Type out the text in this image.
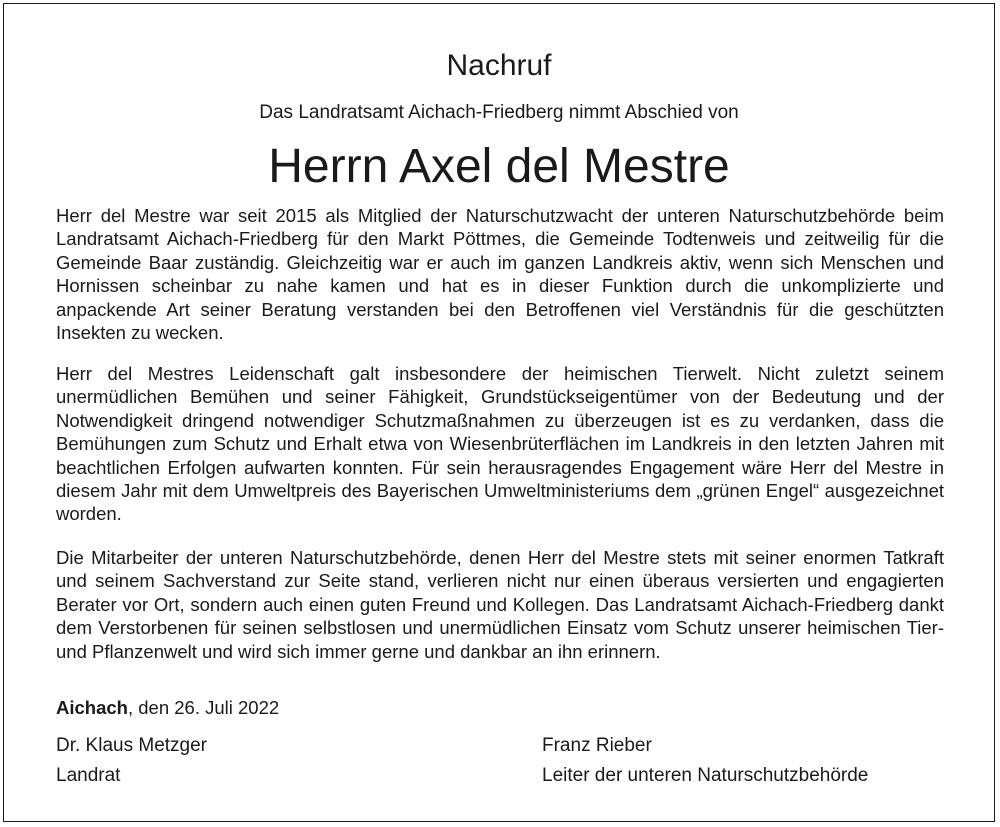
Nachruf
Das Landratsamt Aichach-Friedberg nimmt Abschied von
Herrn Axel del Mestre

Herr del Mestre war seit 2015 als Mitglied der Naturschutzwacht der unteren Naturschutzbehörde beim Landratsamt Aichach-Friedberg für den Markt Pöttmes, die Gemeinde Todtenweis und zeitweilig für die Gemeinde Baar zuständig. Gleichzeitig war er auch im ganzen Landkreis aktiv, wenn sich Menschen und Hornissen scheinbar zu nahe kamen und hat es in dieser Funktion durch die unkomplizierte und anpackende Art seiner Beratung verstanden bei den Betroffenen viel Verständnis für die geschützten Insekten zu wecken.

Herr del Mestres Leidenschaft galt insbesondere der heimischen Tierwelt. Nicht zuletzt seinem unermüdlichen Bemühen und seiner Fähigkeit, Grundstückseigentümer von der Bedeutung und der Notwendigkeit dringend notwendiger Schutzmaßnahmen zu überzeugen ist es zu verdanken, dass die Bemühungen zum Schutz und Erhalt etwa von Wiesenbrüterflächen im Landkreis in den letzten Jahren mit beachtlichen Erfolgen aufwarten konnten. Für sein herausragendes Engagement wäre Herr del Mestre in diesem Jahr mit dem Umweltpreis des Bayerischen Umweltministeriums dem „grünen Engel“ ausgezeichnet worden.

Die Mitarbeiter der unteren Naturschutzbehörde, denen Herr del Mestre stets mit seiner enormen Tatkraft und seinem Sachverstand zur Seite stand, verlieren nicht nur einen überaus versierten und engagierten Berater vor Ort, sondern auch einen guten Freund und Kollegen. Das Landratsamt Aichach-Friedberg dankt dem Verstorbenen für seinen selbstlosen und unermüdlichen Einsatz vom Schutz unserer heimischen Tier- und Pflanzenwelt und wird sich immer gerne und dankbar an ihn erinnern.

Aichach, den 26. Juli 2022
Dr. Klaus Metzger
Landrat
Franz Rieber
Leiter der unteren Naturschutzbehörde
